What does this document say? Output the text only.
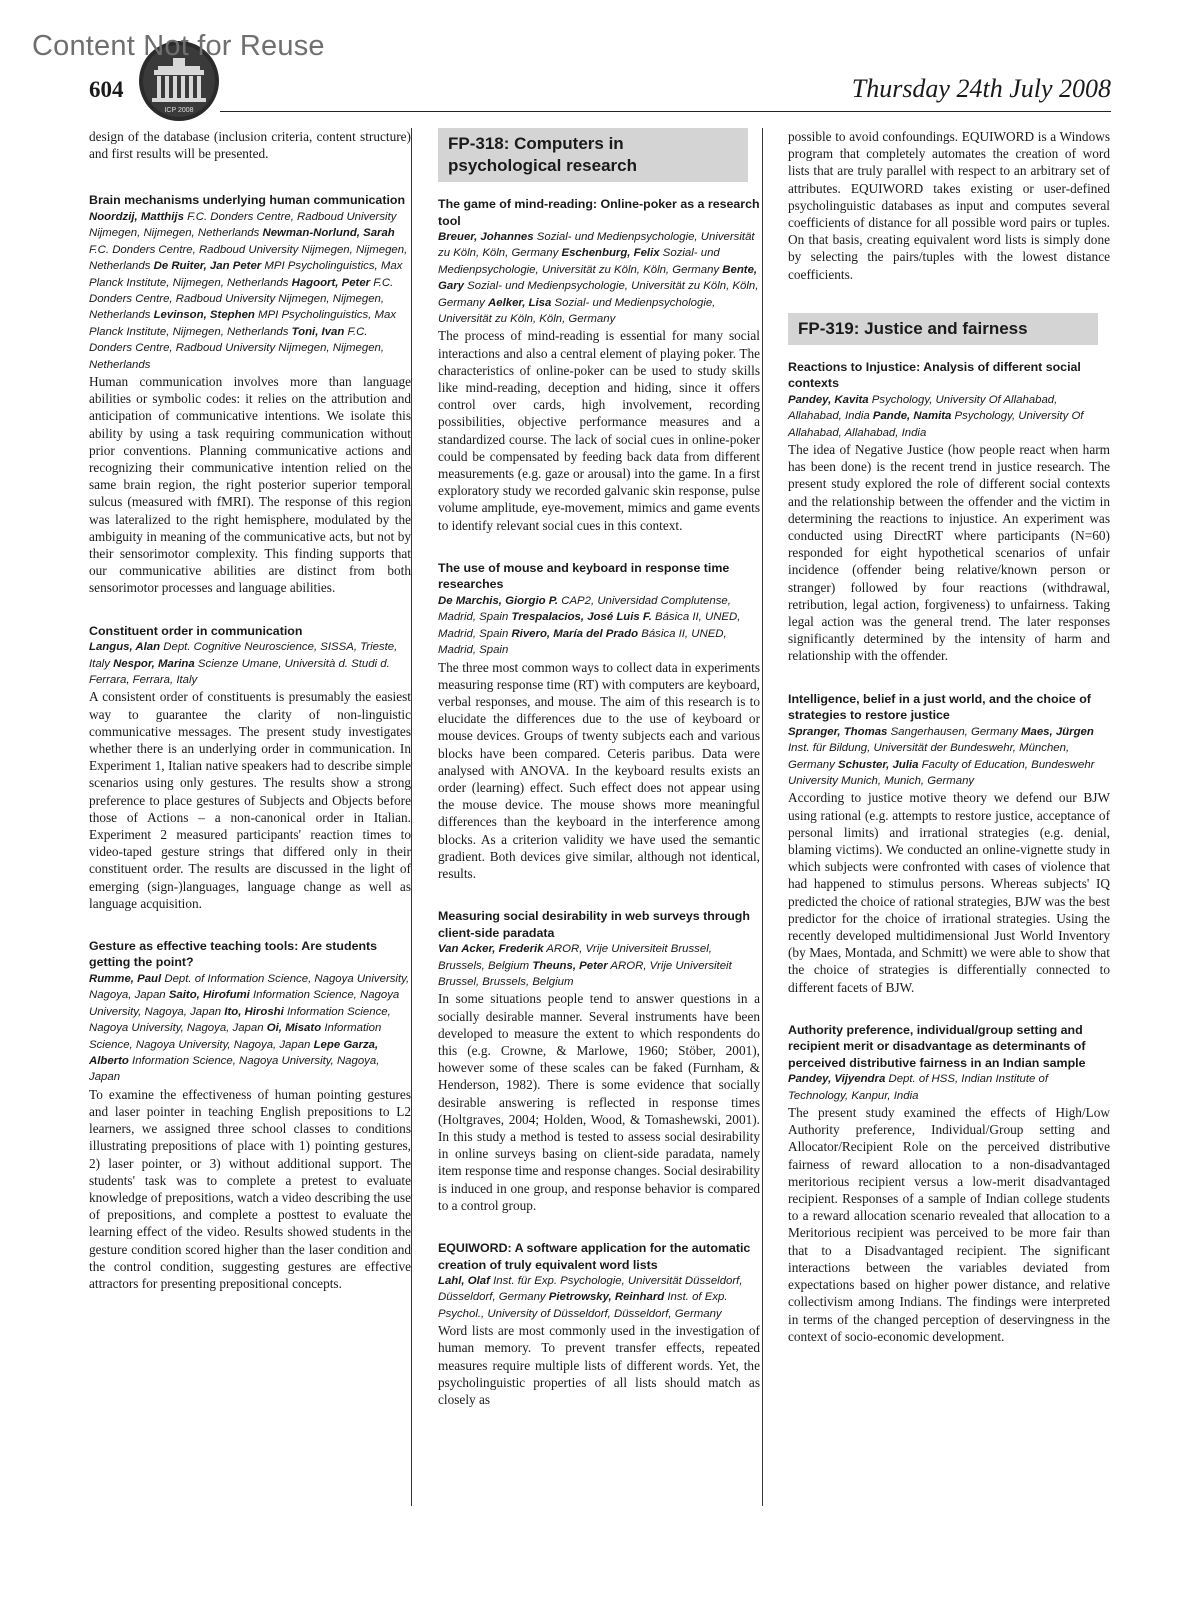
Content Not for Reuse
ICP 2008
604	Thursday 24th July 2008

design of the database (inclusion criteria, content structure) and first results will be presented.

Brain mechanisms underlying human communication

Noordzij, Matthijs F.C. Donders Centre, Radboud University Nijmegen, Nijmegen, Netherlands Newman-Norlund, Sarah F.C. Donders Centre, Radboud University Nijmegen, Nijmegen, Netherlands De Ruiter, Jan Peter MPI Psycholinguistics, Max Planck Institute, Nijmegen, Netherlands Hagoort, Peter F.C. Donders Centre, Radboud University Nijmegen, Nijmegen, Netherlands Levinson, Stephen MPI Psycholinguistics, Max Planck Institute, Nijmegen, Netherlands Toni, Ivan F.C. Donders Centre, Radboud University Nijmegen, Nijmegen, Netherlands

Human communication involves more than language abilities or symbolic codes: it relies on the attribution and anticipation of communicative intentions. We isolate this ability by using a task requiring communication without prior conventions. Planning communicative actions and recognizing their communicative intention relied on the same brain region, the right posterior superior temporal sulcus (measured with fMRI). The response of this region was lateralized to the right hemisphere, modulated by the ambiguity in meaning of the communicative acts, but not by their sensorimotor complexity. This finding supports that our communicative abilities are distinct from both sensorimotor processes and language abilities.

Constituent order in communication

Langus, Alan Dept. Cognitive Neuroscience, SISSA, Trieste, Italy Nespor, Marina Scienze Umane, Università d. Studi d. Ferrara, Ferrara, Italy

A consistent order of constituents is presumably the easiest way to guarantee the clarity of non-linguistic communicative messages. The present study investigates whether there is an underlying order in communication. In Experiment 1, Italian native speakers had to describe simple scenarios using only gestures. The results show a strong preference to place gestures of Subjects and Objects before those of Actions – a non-canonical order in Italian. Experiment 2 measured participants' reaction times to video-taped gesture strings that differed only in their constituent order. The results are discussed in the light of emerging (sign-)languages, language change as well as language acquisition.

Gesture as effective teaching tools: Are students getting the point?

Rumme, Paul Dept. of Information Science, Nagoya University, Nagoya, Japan Saito, Hirofumi Information Science, Nagoya University, Nagoya, Japan Ito, Hiroshi Information Science, Nagoya University, Nagoya, Japan Oi, Misato Information Science, Nagoya University, Nagoya, Japan Lepe Garza, Alberto Information Science, Nagoya University, Nagoya, Japan

To examine the effectiveness of human pointing gestures and laser pointer in teaching English prepositions to L2 learners, we assigned three school classes to conditions illustrating prepositions of place with 1) pointing gestures, 2) laser pointer, or 3) without additional support. The students' task was to complete a pretest to evaluate knowledge of prepositions, watch a video describing the use of prepositions, and complete a posttest to evaluate the learning effect of the video. Results showed students in the gesture condition scored higher than the laser condition and the control condition, suggesting gestures are effective attractors for presenting prepositional concepts.

FP-318: Computers in psychological research

The game of mind-reading: Online-poker as a research tool

Breuer, Johannes Sozial- und Medienpsychologie, Universität zu Köln, Köln, Germany Eschenburg, Felix Sozial- und Medienpsychologie, Universität zu Köln, Köln, Germany Bente, Gary Sozial- und Medienpsychologie, Universität zu Köln, Köln, Germany Aelker, Lisa Sozial- und Medienpsychologie, Universität zu Köln, Köln, Germany

The process of mind-reading is essential for many social interactions and also a central element of playing poker. The characteristics of online-poker can be used to study skills like mind-reading, deception and hiding, since it offers control over cards, high involvement, recording possibilities, objective performance measures and a standardized course. The lack of social cues in online-poker could be compensated by feeding back data from different measurements (e.g. gaze or arousal) into the game. In a first exploratory study we recorded galvanic skin response, pulse volume amplitude, eye-movement, mimics and game events to identify relevant social cues in this context.

The use of mouse and keyboard in response time researches

De Marchis, Giorgio P. CAP2, Universidad Complutense, Madrid, Spain Trespalacios, José Luis F. Básica II, UNED, Madrid, Spain Rivero, María del Prado Básica II, UNED, Madrid, Spain

The three most common ways to collect data in experiments measuring response time (RT) with computers are keyboard, verbal responses, and mouse. The aim of this research is to elucidate the differences due to the use of keyboard or mouse devices. Groups of twenty subjects each and various blocks have been compared. Ceteris paribus. Data were analysed with ANOVA. In the keyboard results exists an order (learning) effect. Such effect does not appear using the mouse device. The mouse shows more meaningful differences than the keyboard in the interference among blocks. As a criterion validity we have used the semantic gradient. Both devices give similar, although not identical, results.

Measuring social desirability in web surveys through client-side paradata

Van Acker, Frederik AROR, Vrije Universiteit Brussel, Brussels, Belgium Theuns, Peter AROR, Vrije Universiteit Brussel, Brussels, Belgium

In some situations people tend to answer questions in a socially desirable manner. Several instruments have been developed to measure the extent to which respondents do this (e.g. Crowne, & Marlowe, 1960; Stöber, 2001), however some of these scales can be faked (Furnham, & Henderson, 1982). There is some evidence that socially desirable answering is reflected in response times (Holtgraves, 2004; Holden, Wood, & Tomashewski, 2001). In this study a method is tested to assess social desirability in online surveys basing on client-side paradata, namely item response time and response changes. Social desirability is induced in one group, and response behavior is compared to a control group.

EQUIWORD: A software application for the automatic creation of truly equivalent word lists

Lahl, Olaf Inst. für Exp. Psychologie, Universität Düsseldorf, Düsseldorf, Germany Pietrowsky, Reinhard Inst. of Exp. Psychol., University of Düsseldorf, Düsseldorf, Germany

Word lists are most commonly used in the investigation of human memory. To prevent transfer effects, repeated measures require multiple lists of different words. Yet, the psycholinguistic properties of all lists should match as closely as

possible to avoid confoundings. EQUIWORD is a Windows program that completely automates the creation of word lists that are truly parallel with respect to an arbitrary set of attributes. EQUIWORD takes existing or user-defined psycholinguistic databases as input and computes several coefficients of distance for all possible word pairs or tuples. On that basis, creating equivalent word lists is simply done by selecting the pairs/tuples with the lowest distance coefficients.

FP-319: Justice and fairness

Reactions to Injustice: Analysis of different social contexts

Pandey, Kavita Psychology, University Of Allahabad, Allahabad, India Pande, Namita Psychology, University Of Allahabad, Allahabad, India

The idea of Negative Justice (how people react when harm has been done) is the recent trend in justice research. The present study explored the role of different social contexts and the relationship between the offender and the victim in determining the reactions to injustice. An experiment was conducted using DirectRT where participants (N=60) responded for eight hypothetical scenarios of unfair incidence (offender being relative/known person or stranger) followed by four reactions (withdrawal, retribution, legal action, forgiveness) to unfairness. Taking legal action was the general trend. The later responses significantly determined by the intensity of harm and relationship with the offender.

Intelligence, belief in a just world, and the choice of strategies to restore justice

Spranger, Thomas Sangerhausen, Germany Maes, Jürgen Inst. für Bildung, Universität der Bundeswehr, München, Germany Schuster, Julia Faculty of Education, Bundeswehr University Munich, Munich, Germany

According to justice motive theory we defend our BJW using rational (e.g. attempts to restore justice, acceptance of personal limits) and irrational strategies (e.g. denial, blaming victims). We conducted an online-vignette study in which subjects were confronted with cases of violence that had happened to stimulus persons. Whereas subjects' IQ predicted the choice of rational strategies, BJW was the best predictor for the choice of irrational strategies. Using the recently developed multidimensional Just World Inventory (by Maes, Montada, and Schmitt) we were able to show that the choice of strategies is differentially connected to different facets of BJW.

Authority preference, individual/group setting and recipient merit or disadvantage as determinants of perceived distributive fairness in an Indian sample

Pandey, Vijyendra Dept. of HSS, Indian Institute of Technology, Kanpur, India

The present study examined the effects of High/Low Authority preference, Individual/Group setting and Allocator/Recipient Role on the perceived distributive fairness of reward allocation to a non-disadvantaged meritorious recipient versus a low-merit disadvantaged recipient. Responses of a sample of Indian college students to a reward allocation scenario revealed that allocation to a Meritorious recipient was perceived to be more fair than that to a Disadvantaged recipient. The significant interactions between the variables deviated from expectations based on higher power distance, and relative collectivism among Indians. The findings were interpreted in terms of the changed perception of deservingness in the context of socio-economic development.
